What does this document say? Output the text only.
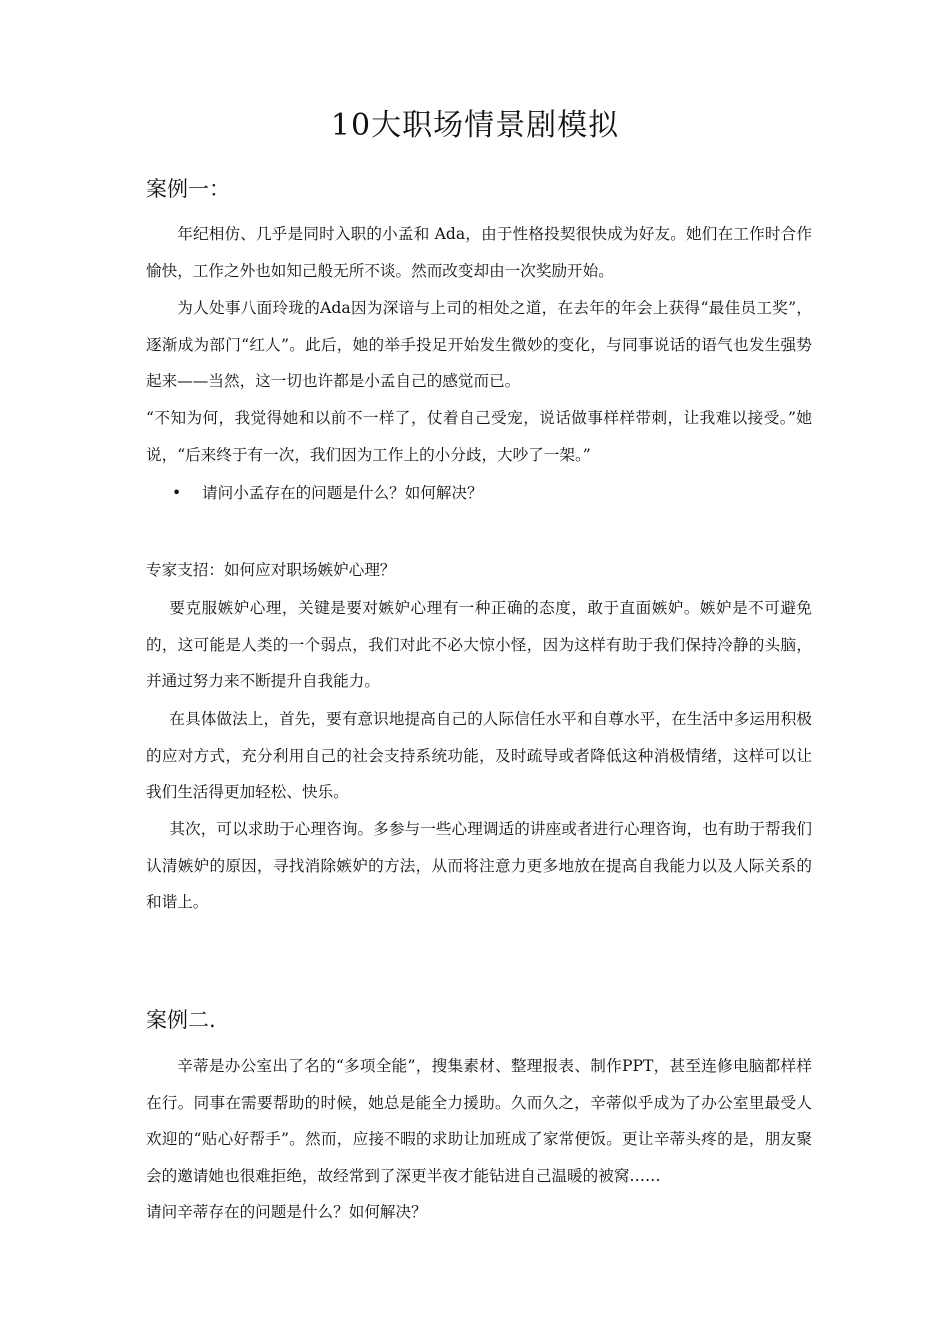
10大职场情景剧模拟
案例一：
年纪相仿、几乎是同时入职的小孟和 Ada，由于性格投契很快成为好友。她们在工作时合作愉快，工作之外也如知己般无所不谈。然而改变却由一次奖励开始。
为人处事八面玲珑的Ada因为深谙与上司的相处之道，在去年的年会上获得“最佳员工奖”，逐渐成为部门“红人”。此后，她的举手投足开始发生微妙的变化，与同事说话的语气也发生强势起来——当然，这一切也许都是小孟自己的感觉而已。
“不知为何，我觉得她和以前不一样了，仗着自己受宠，说话做事样样带刺，让我难以接受。”她说，“后来终于有一次，我们因为工作上的小分歧，大吵了一架。”
•	请问小孟存在的问题是什么？如何解决？
专家支招：如何应对职场嫉妒心理？
要克服嫉妒心理，关键是要对嫉妒心理有一种正确的态度，敢于直面嫉妒。嫉妒是不可避免的，这可能是人类的一个弱点，我们对此不必大惊小怪，因为这样有助于我们保持冷静的头脑，并通过努力来不断提升自我能力。
在具体做法上，首先，要有意识地提高自己的人际信任水平和自尊水平，在生活中多运用积极的应对方式，充分利用自己的社会支持系统功能，及时疏导或者降低这种消极情绪，这样可以让我们生活得更加轻松、快乐。
其次，可以求助于心理咨询。多参与一些心理调适的讲座或者进行心理咨询，也有助于帮我们认清嫉妒的原因，寻找消除嫉妒的方法，从而将注意力更多地放在提高自我能力以及人际关系的和谐上。
案例二.
辛蒂是办公室出了名的“多项全能”，搜集素材、整理报表、制作PPT，甚至连修电脑都样样在行。同事在需要帮助的时候，她总是能全力援助。久而久之，辛蒂似乎成为了办公室里最受人欢迎的“贴心好帮手”。然而，应接不暇的求助让加班成了家常便饭。更让辛蒂头疼的是，朋友聚会的邀请她也很难拒绝，故经常到了深更半夜才能钻进自己温暖的被窝……
请问辛蒂存在的问题是什么？如何解决？
